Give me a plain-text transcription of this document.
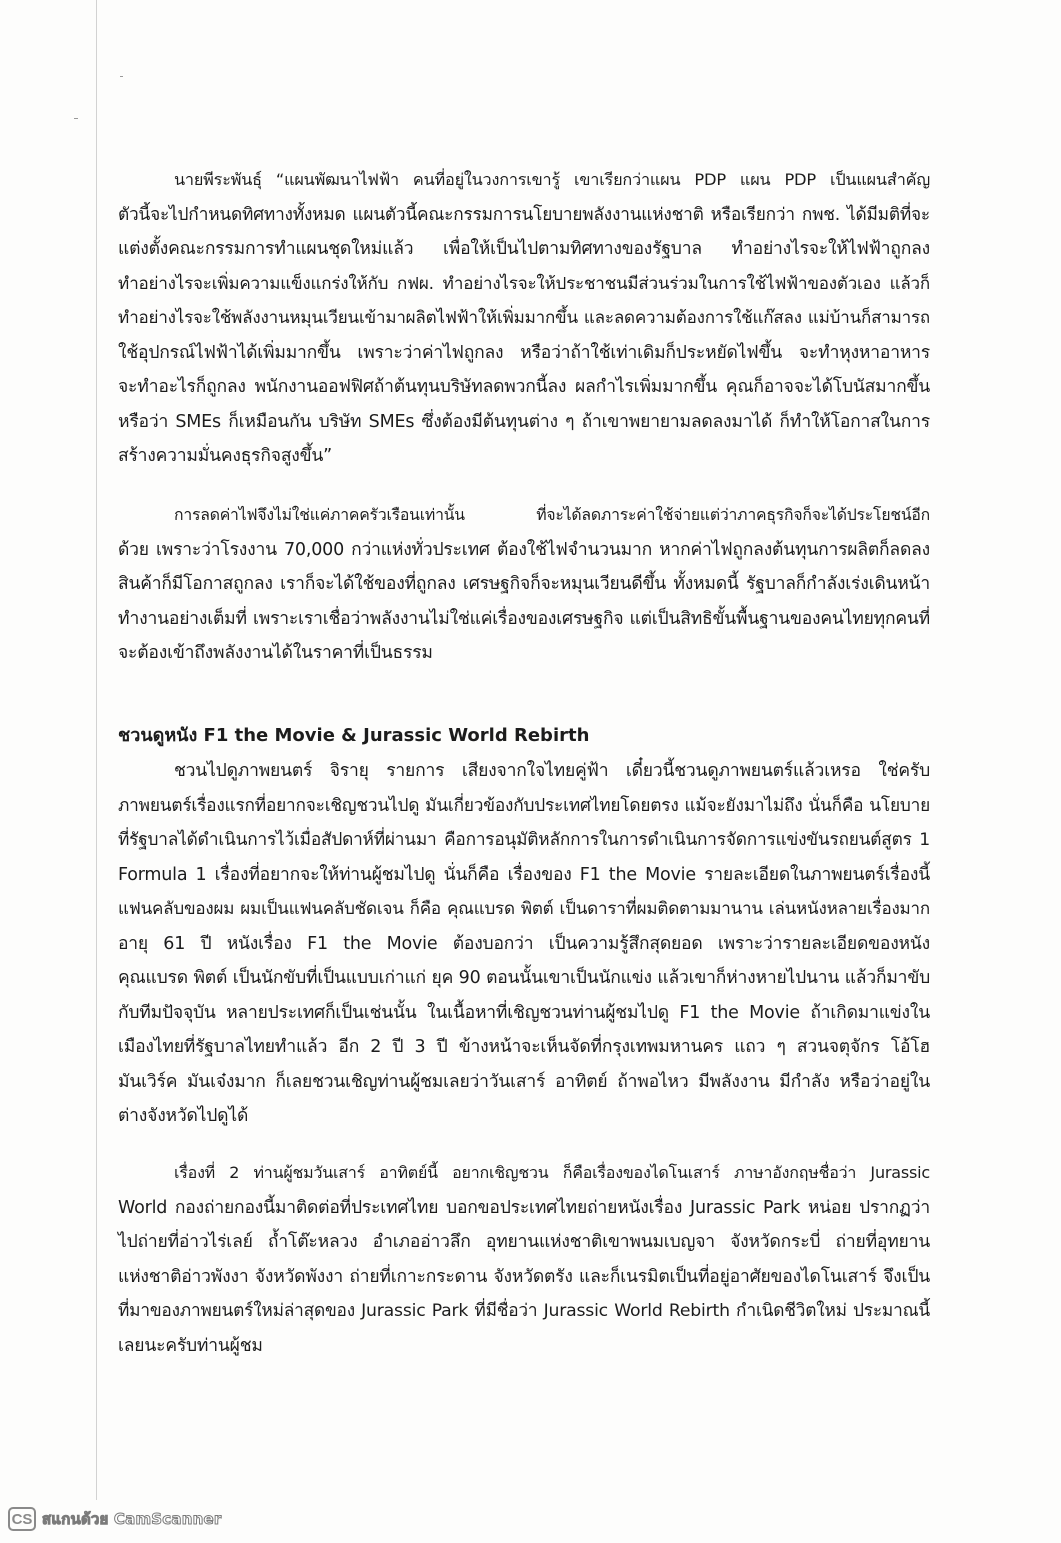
นายพีระพันธุ์ “แผนพัฒนาไฟฟ้า คนที่อยู่ในวงการเขารู้ เขาเรียกว่าแผน PDP แผน PDP เป็นแผนสำคัญ

ตัวนี้จะไปกำหนดทิศทางทั้งหมด แผนตัวนี้คณะกรรมการนโยบายพลังงานแห่งชาติ หรือเรียกว่า กพช. ได้มีมติที่จะ

แต่งตั้งคณะกรรมการทำแผนชุดใหม่แล้ว เพื่อให้เป็นไปตามทิศทางของรัฐบาล ทำอย่างไรจะให้ไฟฟ้าถูกลง

ทำอย่างไรจะเพิ่มความแข็งแกร่งให้กับ กฟผ. ทำอย่างไรจะให้ประชาชนมีส่วนร่วมในการใช้ไฟฟ้าของตัวเอง แล้วก็

ทำอย่างไรจะใช้พลังงานหมุนเวียนเข้ามาผลิตไฟฟ้าให้เพิ่มมากขึ้น และลดความต้องการใช้แก๊สลง แม่บ้านก็สามารถ

ใช้อุปกรณ์ไฟฟ้าได้เพิ่มมากขึ้น เพราะว่าค่าไฟถูกลง หรือว่าถ้าใช้เท่าเดิมก็ประหยัดไฟขึ้น จะทำหุงหาอาหาร

จะทำอะไรก็ถูกลง พนักงานออฟฟิศถ้าต้นทุนบริษัทลดพวกนี้ลง ผลกำไรเพิ่มมากขึ้น คุณก็อาจจะได้โบนัสมากขึ้น

หรือว่า SMEs ก็เหมือนกัน บริษัท SMEs ซึ่งต้องมีต้นทุนต่าง ๆ ถ้าเขาพยายามลดลงมาได้ ก็ทำให้โอกาสในการ

สร้างความมั่นคงธุรกิจสูงขึ้น”

การลดค่าไฟจึงไม่ใช่แค่ภาคครัวเรือนเท่านั้น ที่จะได้ลดภาระค่าใช้จ่ายแต่ว่าภาคธุรกิจก็จะได้ประโยชน์อีก

ด้วย เพราะว่าโรงงาน 70,000 กว่าแห่งทั่วประเทศ ต้องใช้ไฟจำนวนมาก หากค่าไฟถูกลงต้นทุนการผลิตก็ลดลง

สินค้าก็มีโอกาสถูกลง เราก็จะได้ใช้ของที่ถูกลง เศรษฐกิจก็จะหมุนเวียนดีขึ้น ทั้งหมดนี้ รัฐบาลก็กำลังเร่งเดินหน้า

ทำงานอย่างเต็มที่ เพราะเราเชื่อว่าพลังงานไม่ใช่แค่เรื่องของเศรษฐกิจ แต่เป็นสิทธิขั้นพื้นฐานของคนไทยทุกคนที่

จะต้องเข้าถึงพลังงานได้ในราคาที่เป็นธรรม

ชวนดูหนัง F1 the Movie & Jurassic World Rebirth

ชวนไปดูภาพยนตร์ จิรายุ รายการ เสียงจากใจไทยคู่ฟ้า เดี๋ยวนี้ชวนดูภาพยนตร์แล้วเหรอ ใช่ครับ

ภาพยนตร์เรื่องแรกที่อยากจะเชิญชวนไปดู มันเกี่ยวข้องกับประเทศไทยโดยตรง แม้จะยังมาไม่ถึง นั่นก็คือ นโยบาย

ที่รัฐบาลได้ดำเนินการไว้เมื่อสัปดาห์ที่ผ่านมา คือการอนุมัติหลักการในการดำเนินการจัดการแข่งขันรถยนต์สูตร 1

Formula 1 เรื่องที่อยากจะให้ท่านผู้ชมไปดู นั่นก็คือ เรื่องของ F1 the Movie รายละเอียดในภาพยนตร์เรื่องนี้

แฟนคลับของผม ผมเป็นแฟนคลับชัดเจน ก็คือ คุณแบรด พิตต์ เป็นดาราที่ผมติดตามมานาน เล่นหนังหลายเรื่องมาก

อายุ 61 ปี หนังเรื่อง F1 the Movie ต้องบอกว่า เป็นความรู้สึกสุดยอด เพราะว่ารายละเอียดของหนัง

คุณแบรด พิตต์ เป็นนักขับที่เป็นแบบเก่าแก่ ยุค 90 ตอนนั้นเขาเป็นนักแข่ง แล้วเขาก็ห่างหายไปนาน แล้วก็มาขับ

กับทีมปัจจุบัน หลายประเทศก็เป็นเช่นนั้น ในเนื้อหาที่เชิญชวนท่านผู้ชมไปดู F1 the Movie ถ้าเกิดมาแข่งใน

เมืองไทยที่รัฐบาลไทยทำแล้ว อีก 2 ปี 3 ปี ข้างหน้าจะเห็นจัดที่กรุงเทพมหานคร แถว ๆ สวนจตุจักร โอ้โฮ

มันเวิร์ค มันเจ๋งมาก ก็เลยชวนเชิญท่านผู้ชมเลยว่าวันเสาร์ อาทิตย์ ถ้าพอไหว มีพลังงาน มีกำลัง หรือว่าอยู่ใน

ต่างจังหวัดไปดูได้

เรื่องที่ 2 ท่านผู้ชมวันเสาร์ อาทิตย์นี้ อยากเชิญชวน ก็คือเรื่องของไดโนเสาร์ ภาษาอังกฤษชื่อว่า Jurassic

World กองถ่ายกองนี้มาติดต่อที่ประเทศไทย บอกขอประเทศไทยถ่ายหนังเรื่อง Jurassic Park หน่อย ปรากฏว่า

ไปถ่ายที่อ่าวไร่เลย์ ถ้ำโต๊ะหลวง อำเภออ่าวลึก อุทยานแห่งชาติเขาพนมเบญจา จังหวัดกระบี่ ถ่ายที่อุทยาน

แห่งชาติอ่าวพังงา จังหวัดพังงา ถ่ายที่เกาะกระดาน จังหวัดตรัง และก็เนรมิตเป็นที่อยู่อาศัยของไดโนเสาร์ จึงเป็น

ที่มาของภาพยนตร์ใหม่ล่าสุดของ Jurassic Park ที่มีชื่อว่า Jurassic World Rebirth กำเนิดชีวิตใหม่ ประมาณนี้

เลยนะครับท่านผู้ชม

CS สแกนด้วย CamScanner
